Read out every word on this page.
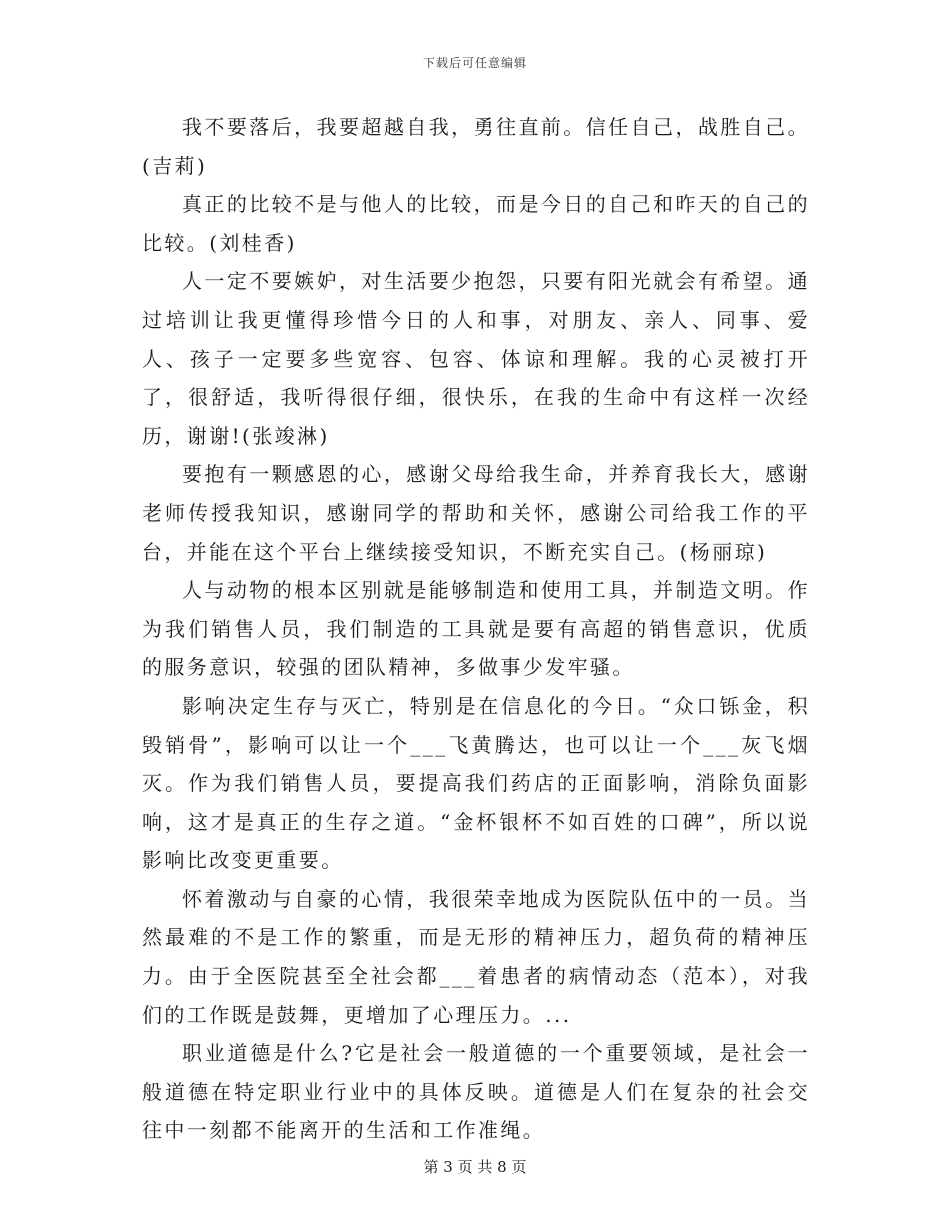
下载后可任意编辑

我不要落后，我要超越自我，勇往直前。信任自己，战胜自己。(吉莉)

真正的比较不是与他人的比较，而是今日的自己和昨天的自己的比较。(刘桂香)

人一定不要嫉妒，对生活要少抱怨，只要有阳光就会有希望。通过培训让我更懂得珍惜今日的人和事，对朋友、亲人、同事、爱人、孩子一定要多些宽容、包容、体谅和理解。我的心灵被打开了，很舒适，我听得很仔细，很快乐，在我的生命中有这样一次经历，谢谢!(张竣淋)

要抱有一颗感恩的心，感谢父母给我生命，并养育我长大，感谢老师传授我知识，感谢同学的帮助和关怀，感谢公司给我工作的平台，并能在这个平台上继续接受知识，不断充实自己。(杨丽琼)

人与动物的根本区别就是能够制造和使用工具，并制造文明。作为我们销售人员，我们制造的工具就是要有高超的销售意识，优质的服务意识，较强的团队精神，多做事少发牢骚。

影响决定生存与灭亡，特别是在信息化的今日。“众口铄金，积毁销骨”，影响可以让一个___飞黄腾达，也可以让一个___灰飞烟灭。作为我们销售人员，要提高我们药店的正面影响，消除负面影响，这才是真正的生存之道。“金杯银杯不如百姓的口碑”，所以说影响比改变更重要。

怀着激动与自豪的心情，我很荣幸地成为医院队伍中的一员。当然最难的不是工作的繁重，而是无形的精神压力，超负荷的精神压力。由于全医院甚至全社会都___着患者的病情动态（范本），对我们的工作既是鼓舞，更增加了心理压力。...

职业道德是什么?它是社会一般道德的一个重要领域，是社会一般道德在特定职业行业中的具体反映。道德是人们在复杂的社会交往中一刻都不能离开的生活和工作准绳。

第 3 页 共 8 页
